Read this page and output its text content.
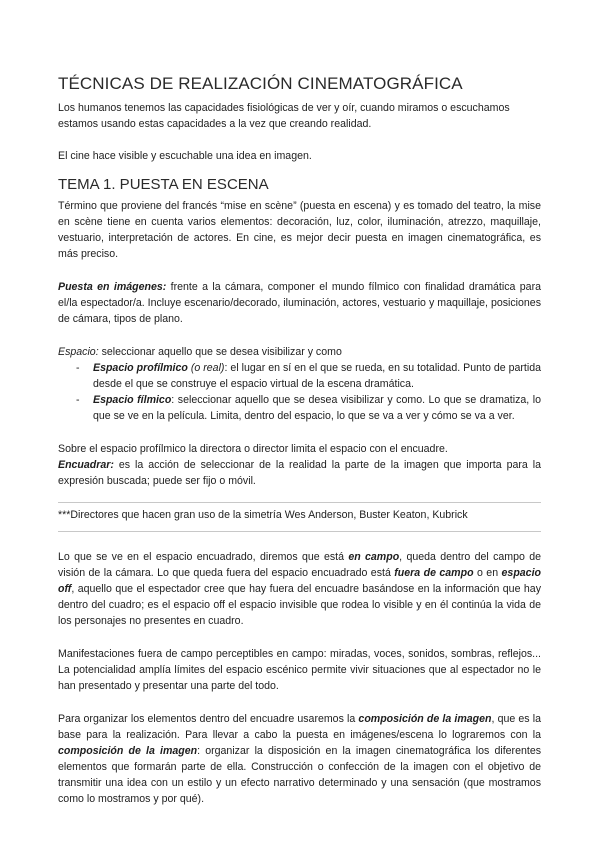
TÉCNICAS DE REALIZACIÓN CINEMATOGRÁFICA

Los humanos tenemos las capacidades fisiológicas de ver y oír, cuando miramos o escuchamos estamos usando estas capacidades a la vez que creando realidad.

El cine hace visible y escuchable una idea en imagen.

TEMA 1. PUESTA EN ESCENA

Término que proviene del francés “mise en scène” (puesta en escena) y es tomado del teatro, la mise en scène tiene en cuenta varios elementos: decoración, luz, color, iluminación, atrezzo, maquillaje, vestuario, interpretación de actores. En cine, es mejor decir puesta en imagen cinematográfica, es más preciso.

Puesta en imágenes: frente a la cámara, componer el mundo fílmico con finalidad dramática para el/la espectador/a. Incluye escenario/decorado, iluminación, actores, vestuario y maquillaje, posiciones de cámara, tipos de plano.

Espacio: seleccionar aquello que se desea visibilizar y como

- Espacio profílmico (o real): el lugar en sí en el que se rueda, en su totalidad. Punto de partida desde el que se construye el espacio virtual de la escena dramática.
- Espacio fílmico: seleccionar aquello que se desea visibilizar y como. Lo que se dramatiza, lo que se ve en la película. Limita, dentro del espacio, lo que se va a ver y cómo se va a ver.

Sobre el espacio profílmico la directora o director limita el espacio con el encuadre.

Encuadrar: es la acción de seleccionar de la realidad la parte de la imagen que importa para la expresión buscada; puede ser fijo o móvil.

***Directores que hacen gran uso de la simetría Wes Anderson, Buster Keaton, Kubrick

Lo que se ve en el espacio encuadrado, diremos que está en campo, queda dentro del campo de visión de la cámara. Lo que queda fuera del espacio encuadrado está fuera de campo o en espacio off, aquello que el espectador cree que hay fuera del encuadre basándose en la información que hay dentro del cuadro; es el espacio off el espacio invisible que rodea lo visible y en él continúa la vida de los personajes no presentes en cuadro.

Manifestaciones fuera de campo perceptibles en campo: miradas, voces, sonidos, sombras, reflejos... La potencialidad amplía límites del espacio escénico permite vivir situaciones que al espectador no le han presentado y presentar una parte del todo.

Para organizar los elementos dentro del encuadre usaremos la composición de la imagen, que es la base para la realización. Para llevar a cabo la puesta en imágenes/escena lo lograremos con la composición de la imagen: organizar la disposición en la imagen cinematográfica los diferentes elementos que formarán parte de ella. Construcción o confección de la imagen con el objetivo de transmitir una idea con un estilo y un efecto narrativo determinado y una sensación (que mostramos como lo mostramos y por qué).
